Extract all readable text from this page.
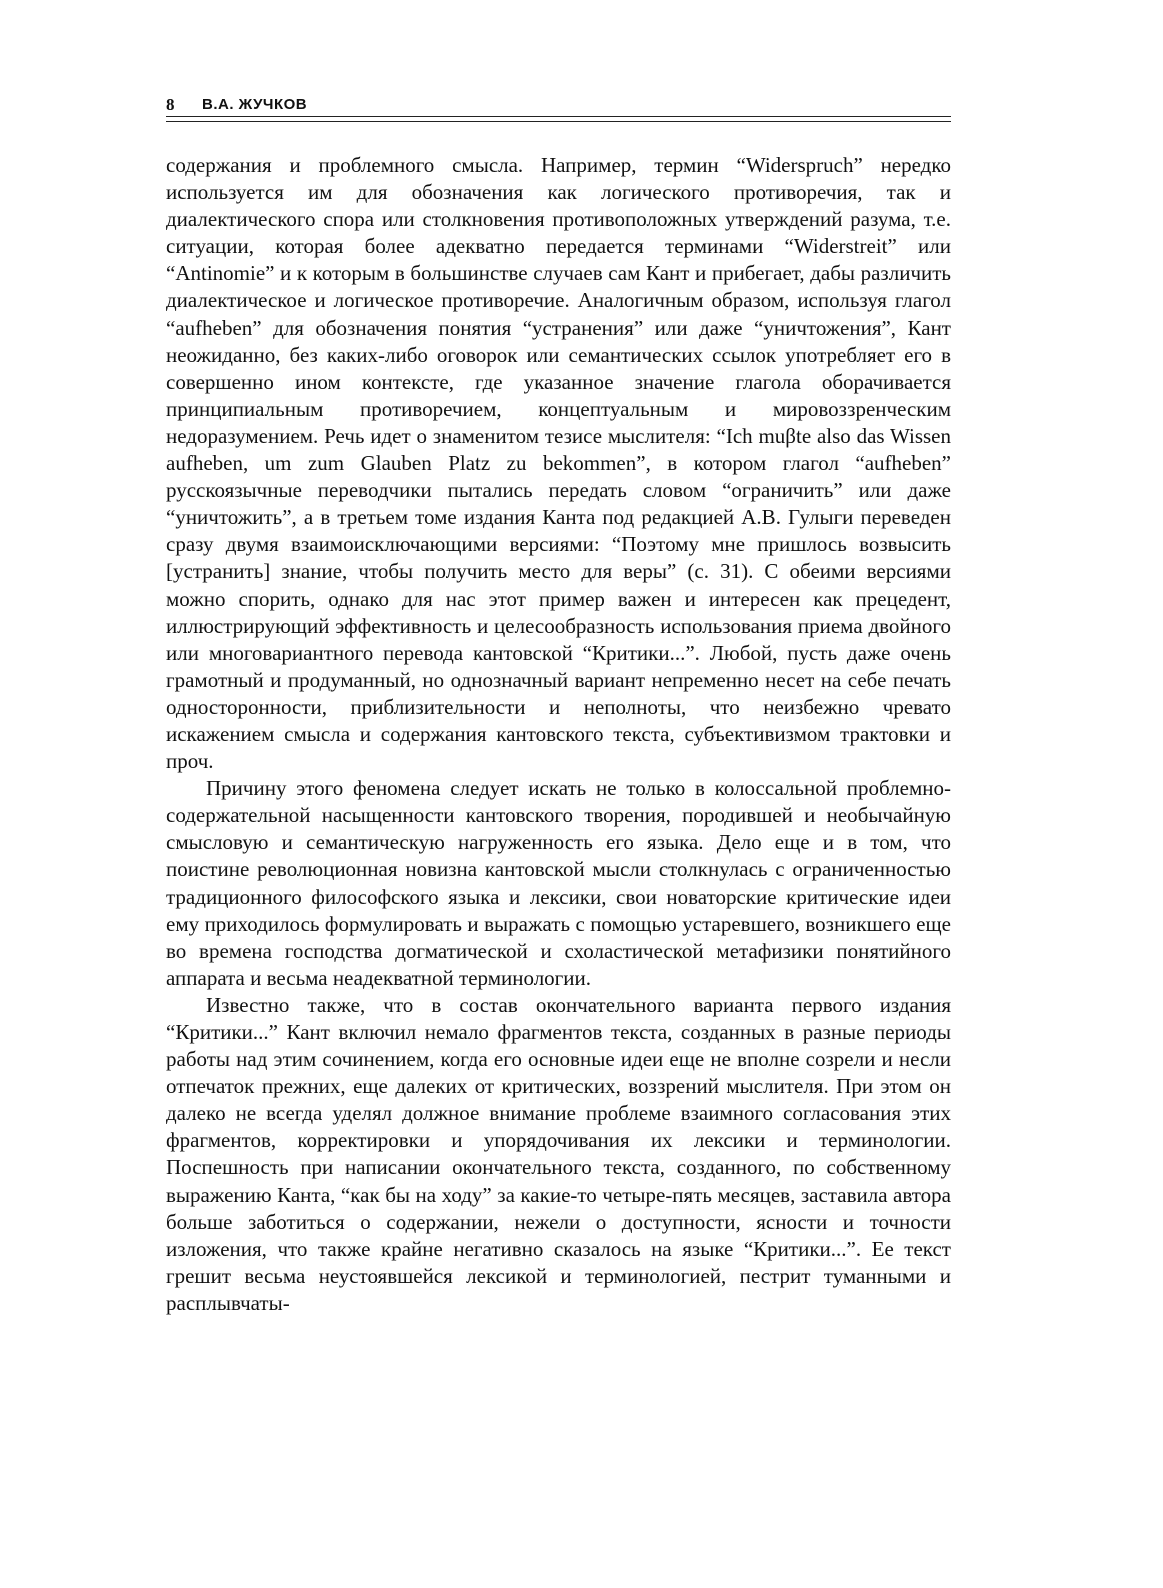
8 В.А. ЖУЧКОВ

содержания и проблемного смысла. Например, термин “Widerspruch” нередко используется им для обозначения как логического противоречия, так и диалектического спора или столкновения противоположных утверждений разума, т.е. ситуации, которая более адекватно передается терминами “Widerstreit” или “Antinomie” и к которым в большинстве случаев сам Кант и прибегает, дабы различить диалектическое и логическое противоречие. Аналогичным образом, используя глагол “aufheben” для обозначения понятия “устранения” или даже “уничтожения”, Кант неожиданно, без каких-либо оговорок или семантических ссылок употребляет его в совершенно ином контексте, где указанное значение глагола оборачивается принципиальным противоречием, концептуальным и мировоззренческим недоразумением. Речь идет о знаменитом тезисе мыслителя: “Ich muβte also das Wissen aufheben, um zum Glauben Platz zu bekommen”, в котором глагол “aufheben” русскоязычные переводчики пытались передать словом “ограничить” или даже “уничтожить”, а в третьем томе издания Канта под редакцией А.В. Гулыги переведен сразу двумя взаимоисключающими версиями: “Поэтому мне пришлось возвысить [устранить] знание, чтобы получить место для веры” (с. 31). С обеими версиями можно спорить, однако для нас этот пример важен и интересен как прецедент, иллюстрирующий эффективность и целесообразность использования приема двойного или многовариантного перевода кантовской “Критики...”. Любой, пусть даже очень грамотный и продуманный, но однозначный вариант непременно несет на себе печать односторонности, приблизительности и неполноты, что неизбежно чревато искажением смысла и содержания кантовского текста, субъективизмом трактовки и проч.

Причину этого феномена следует искать не только в колоссальной проблемно-содержательной насыщенности кантовского творения, породившей и необычайную смысловую и семантическую нагруженность его языка. Дело еще и в том, что поистине революционная новизна кантовской мысли столкнулась с ограниченностью традиционного философского языка и лексики, свои новаторские критические идеи ему приходилось формулировать и выражать с помощью устаревшего, возникшего еще во времена господства догматической и схоластической метафизики понятийного аппарата и весьма неадекватной терминологии.

Известно также, что в состав окончательного варианта первого издания “Критики...” Кант включил немало фрагментов текста, созданных в разные периоды работы над этим сочинением, когда его основные идеи еще не вполне созрели и несли отпечаток прежних, еще далеких от критических, воззрений мыслителя. При этом он далеко не всегда уделял должное внимание проблеме взаимного согласования этих фрагментов, корректировки и упорядочивания их лексики и терминологии. Поспешность при написании окончательного текста, созданного, по собственному выражению Канта, “как бы на ходу” за какие-то четыре-пять месяцев, заставила автора больше заботиться о содержании, нежели о доступности, ясности и точности изложения, что также крайне негативно сказалось на языке “Критики...”. Ее текст грешит весьма неустоявшейся лексикой и терминологией, пестрит туманными и расплывчаты-
